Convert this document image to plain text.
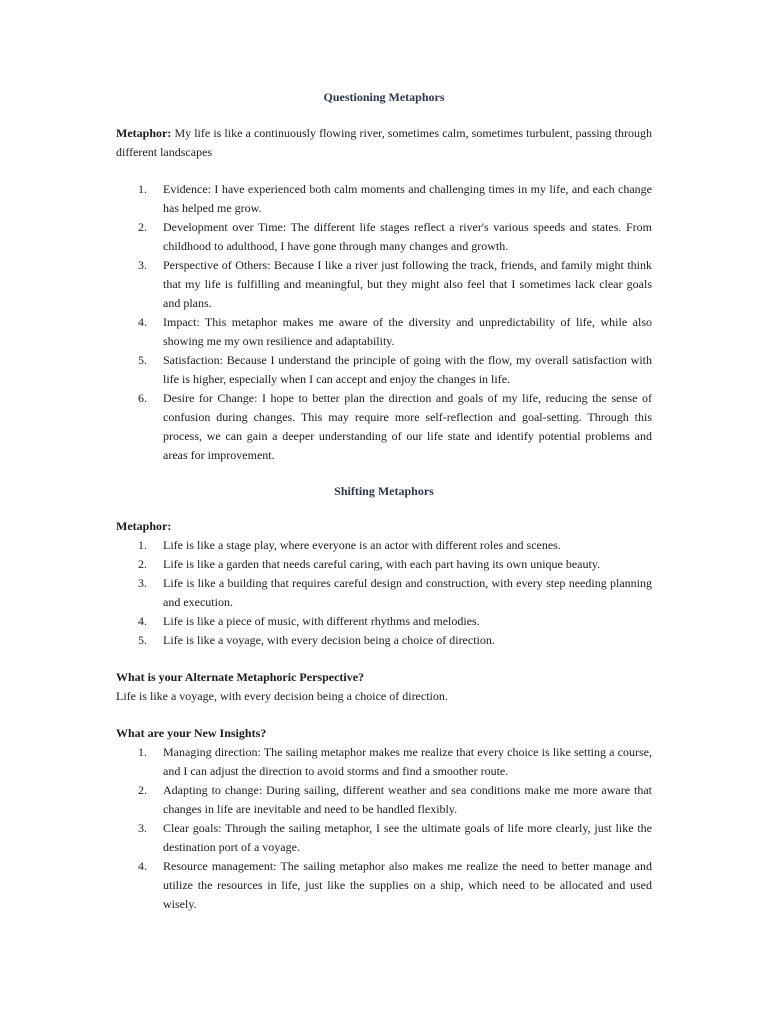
Questioning Metaphors

Metaphor: My life is like a continuously flowing river, sometimes calm, sometimes turbulent, passing through different landscapes

1. Evidence: I have experienced both calm moments and challenging times in my life, and each change has helped me grow.
2. Development over Time: The different life stages reflect a river's various speeds and states. From childhood to adulthood, I have gone through many changes and growth.
3. Perspective of Others: Because I like a river just following the track, friends, and family might think that my life is fulfilling and meaningful, but they might also feel that I sometimes lack clear goals and plans.
4. Impact: This metaphor makes me aware of the diversity and unpredictability of life, while also showing me my own resilience and adaptability.
5. Satisfaction: Because I understand the principle of going with the flow, my overall satisfaction with life is higher, especially when I can accept and enjoy the changes in life.
6. Desire for Change: I hope to better plan the direction and goals of my life, reducing the sense of confusion during changes. This may require more self-reflection and goal-setting. Through this process, we can gain a deeper understanding of our life state and identify potential problems and areas for improvement.
Shifting Metaphors

Metaphor:

1. Life is like a stage play, where everyone is an actor with different roles and scenes.
2. Life is like a garden that needs careful caring, with each part having its own unique beauty.
3. Life is like a building that requires careful design and construction, with every step needing planning and execution.
4. Life is like a piece of music, with different rhythms and melodies.
5. Life is like a voyage, with every decision being a choice of direction.

What is your Alternate Metaphoric Perspective?

Life is like a voyage, with every decision being a choice of direction.

What are your New Insights?

1. Managing direction: The sailing metaphor makes me realize that every choice is like setting a course, and I can adjust the direction to avoid storms and find a smoother route.
2. Adapting to change: During sailing, different weather and sea conditions make me more aware that changes in life are inevitable and need to be handled flexibly.
3. Clear goals: Through the sailing metaphor, I see the ultimate goals of life more clearly, just like the destination port of a voyage.
4. Resource management: The sailing metaphor also makes me realize the need to better manage and utilize the resources in life, just like the supplies on a ship, which need to be allocated and used wisely.
